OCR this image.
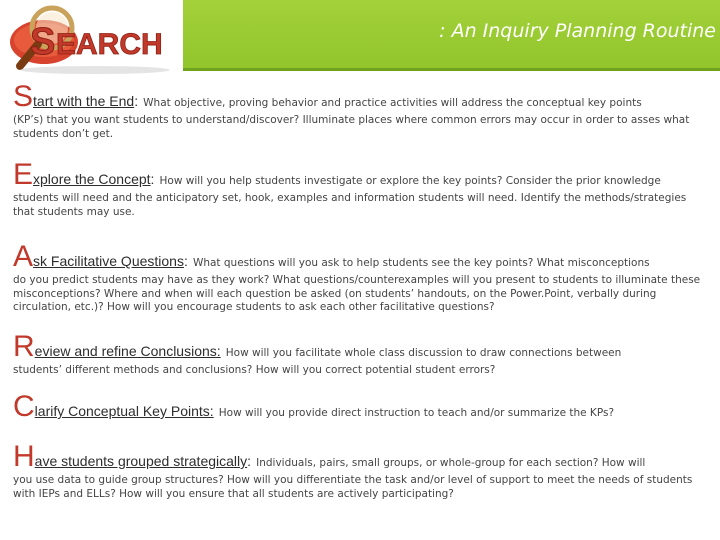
S EARCH	: An Inquiry Planning Routine
Start with the End: What objective, proving behavior and practice activities will address the conceptual key points
(KP’s) that you want students to understand/discover? Illuminate places where common errors may occur in order to asses what students don’t get.
Explore the Concept: How will you help students investigate or explore the key points? Consider the prior knowledge
students will need and the anticipatory set, hook, examples and information students will need. Identify the methods/strategies that students may use.
Ask Facilitative Questions: What questions will you ask to help students see the key points? What misconceptions
do you predict students may have as they work? What questions/counterexamples will you present to students to illuminate these misconceptions? Where and when will each question be asked (on students’ handouts, on the Power.Point, verbally during circulation, etc.)? How will you encourage students to ask each other facilitative questions?
Review and refine Conclusions: How will you facilitate whole class discussion to draw connections between
students’ different methods and conclusions? How will you correct potential student errors?
Clarify Conceptual Key Points: How will you provide direct instruction to teach and/or summarize the KPs?
Have students grouped strategically: Individuals, pairs, small groups, or whole-group for each section? How will
you use data to guide group structures? How will you differentiate the task and/or level of support to meet the needs of students with IEPs and ELLs? How will you ensure that all students are actively participating?
